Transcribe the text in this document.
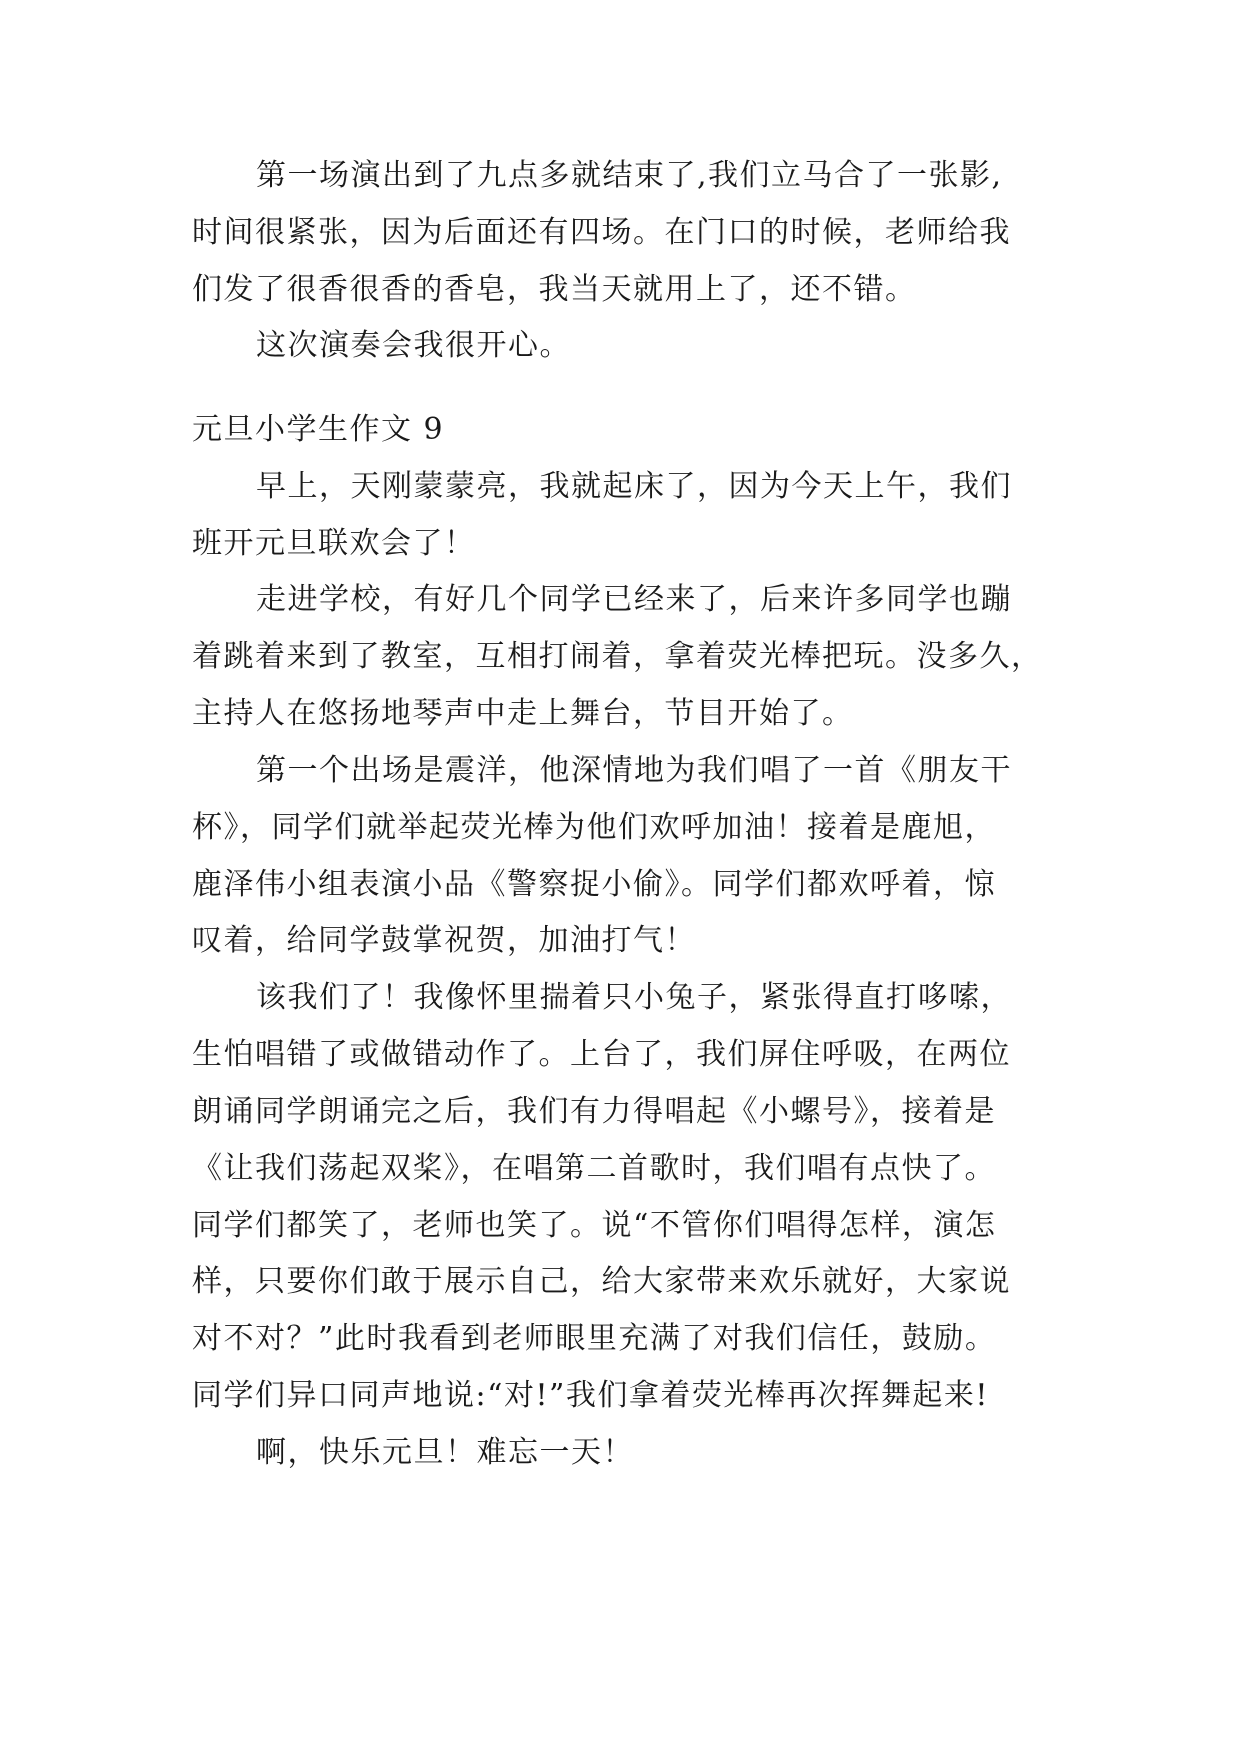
第一场演出到了九点多就结束了,我们立马合了一张影,
时间很紧张，因为后面还有四场。在门口的时候，老师给我
们发了很香很香的香皂，我当天就用上了，还不错。
这次演奏会我很开心。
元旦小学生作文 9
早上，天刚蒙蒙亮，我就起床了，因为今天上午，我们
班开元旦联欢会了！
走进学校，有好几个同学已经来了，后来许多同学也蹦
着跳着来到了教室，互相打闹着，拿着荧光棒把玩。没多久，
主持人在悠扬地琴声中走上舞台，节目开始了。
第一个出场是震洋，他深情地为我们唱了一首《朋友干
杯》，同学们就举起荧光棒为他们欢呼加油！接着是鹿旭，
鹿泽伟小组表演小品《警察捉小偷》。同学们都欢呼着，惊
叹着，给同学鼓掌祝贺，加油打气！
该我们了！我像怀里揣着只小兔子，紧张得直打哆嗦，
生怕唱错了或做错动作了。上台了，我们屏住呼吸，在两位
朗诵同学朗诵完之后，我们有力得唱起《小螺号》，接着是
《让我们荡起双桨》，在唱第二首歌时，我们唱有点快了。
同学们都笑了，老师也笑了。说“不管你们唱得怎样，演怎
样，只要你们敢于展示自己，给大家带来欢乐就好，大家说
对不对？”此时我看到老师眼里充满了对我们信任，鼓励。
同学们异口同声地说:“对!”我们拿着荧光棒再次挥舞起来!
啊，快乐元旦！难忘一天！
